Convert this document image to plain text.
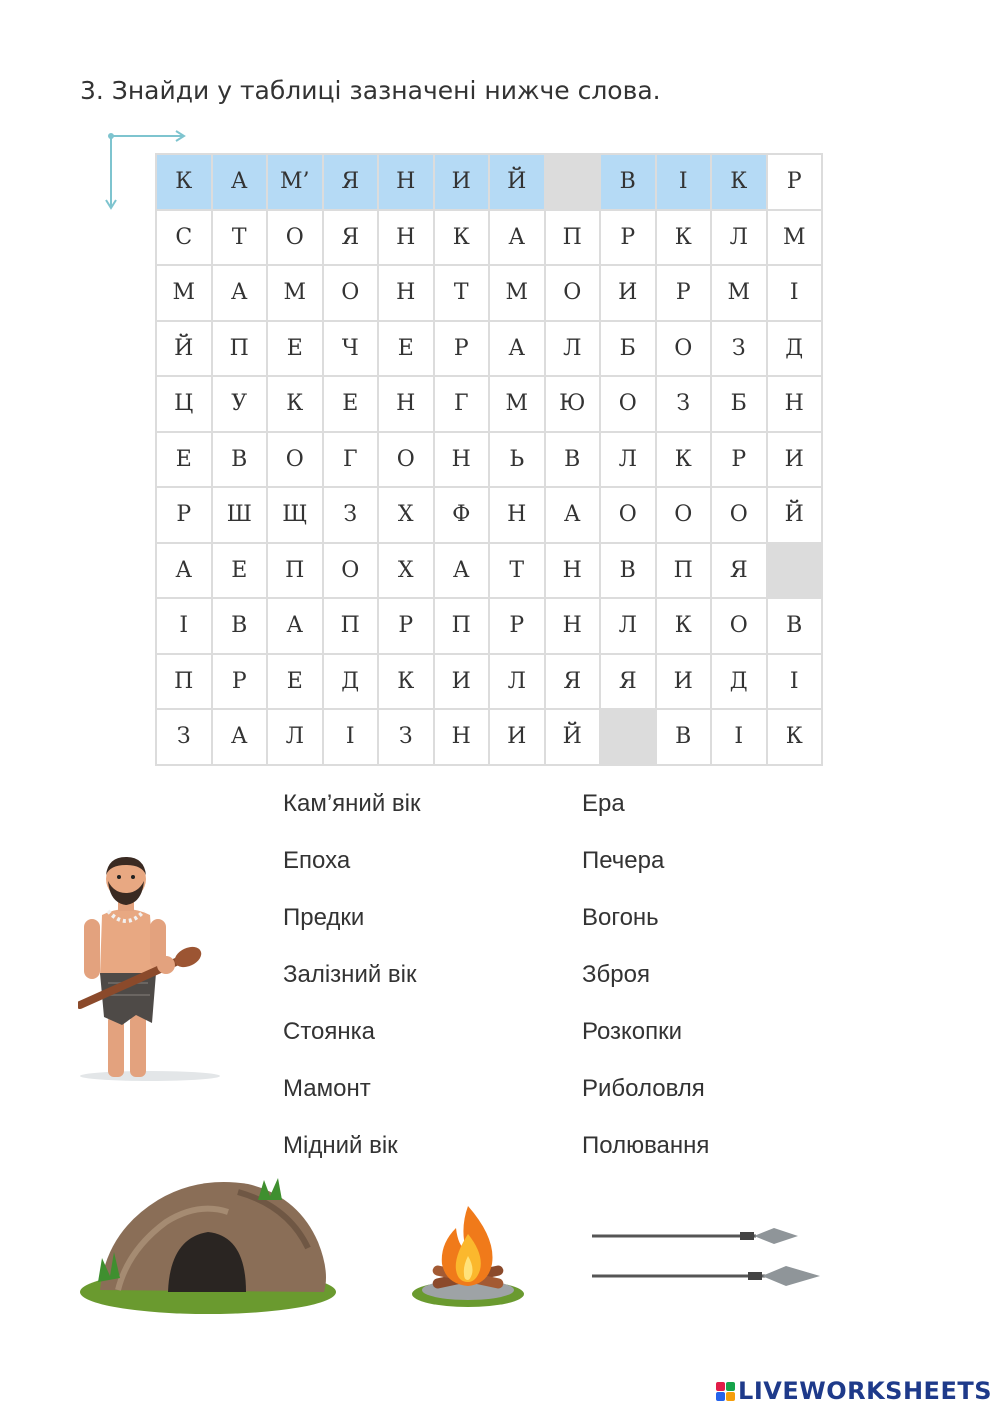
3. Знайди у таблиці зазначені нижче слова.
К	А	М’	Я	Н	И	Й		В	І	К	Р
С	Т	О	Я	Н	К	А	П	Р	К	Л	М
М	А	М	О	Н	Т	М	О	И	Р	М	І
Й	П	Е	Ч	Е	Р	А	Л	Б	О	З	Д
Ц	У	К	Е	Н	Г	М	Ю	О	З	Б	Н
Е	В	О	Г	О	Н	Ь	В	Л	К	Р	И
Р	Ш	Щ	З	Х	Ф	Н	А	О	О	О	Й
А	Е	П	О	Х	А	Т	Н	В	П	Я	
І	В	А	П	Р	П	Р	Н	Л	К	О	В
П	Р	Е	Д	К	И	Л	Я	Я	И	Д	І
З	А	Л	І	З	Н	И	Й		В	І	К
Кам’яний вік
Епоха
Предки
Залізний вік
Стоянка
Мамонт
Мідний вік
Ера
Печера
Вогонь
Зброя
Розкопки
Риболовля
Полювання
LIVEWORKSHEETS
